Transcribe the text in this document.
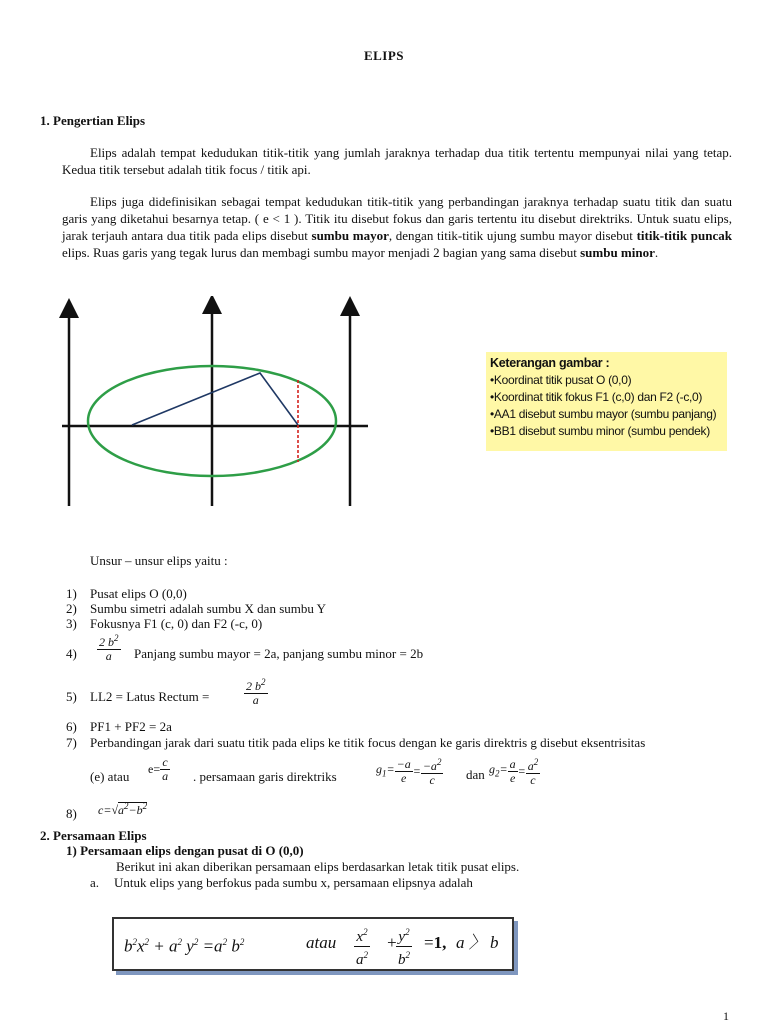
ELIPS
1. Pengertian Elips
Elips adalah tempat kedudukan titik-titik yang jumlah jaraknya terhadap dua titik tertentu mempunyai nilai yang tetap. Kedua titik tersebut adalah titik focus / titik api.
Elips juga didefinisikan sebagai tempat kedudukan titik-titik yang perbandingan jaraknya terhadap suatu titik dan suatu garis yang diketahui besarnya tetap. ( e < 1 ). Titik itu disebut fokus dan garis tertentu itu disebut direktriks. Untuk suatu elips, jarak terjauh antara dua titik pada elips disebut sumbu mayor, dengan titik-titik ujung sumbu mayor disebut titik-titik puncak elips. Ruas garis yang tegak lurus dan membagi sumbu mayor menjadi 2 bagian yang sama disebut sumbu minor.
Keterangan gambar :
• Koordinat titik pusat O (0,0)
• Koordinat titik fokus F1 (c,0) dan F2 (-c,0)
• AA1 disebut sumbu mayor (sumbu panjang)
• BB1 disebut sumbu minor (sumbu pendek)
Unsur – unsur elips yaitu :
1) Pusat elips O (0,0)
2) Sumbu simetri adalah sumbu X dan sumbu Y
3) Fokusnya F1 (c, 0) dan F2 (-c, 0)
$4) \frac{2 b^2}{a}$ Panjang sumbu mayor = 2a, panjang sumbu minor = 2b
5) LL2 = Latus Rectum =	$\frac{2 b^2}{a}$
6) PF1 + PF2 = 2a
7) Perbandingan jarak dari suatu titik pada elips ke titik focus dengan ke garis direktris g disebut eksentrisitas
(e) atau $e= \frac{c}{a}$ . persamaan garis direktriks
$g_1= \frac{-a}{e} = \frac{-a^2}{c}$ dan $g_2= \frac{a}{e} = \frac{a^2}{c}$
8) $c=√a^2-b^2$
2. Persamaan Elips
1) Persamaan elips dengan pusat di O (0,0)
Berikut ini akan diberikan persamaan elips berdasarkan letak titik pusat elips.
a. Untuk elips yang berfokus pada sumbu x, persamaan elipsnya adalah
$b^2x^2 + a^2$ $y^2 =a^2$ $b^2$	atau $\frac{x^2}{a^2}$ +
$\frac{y^2}{b^2} =1$, a 〉 b
1
